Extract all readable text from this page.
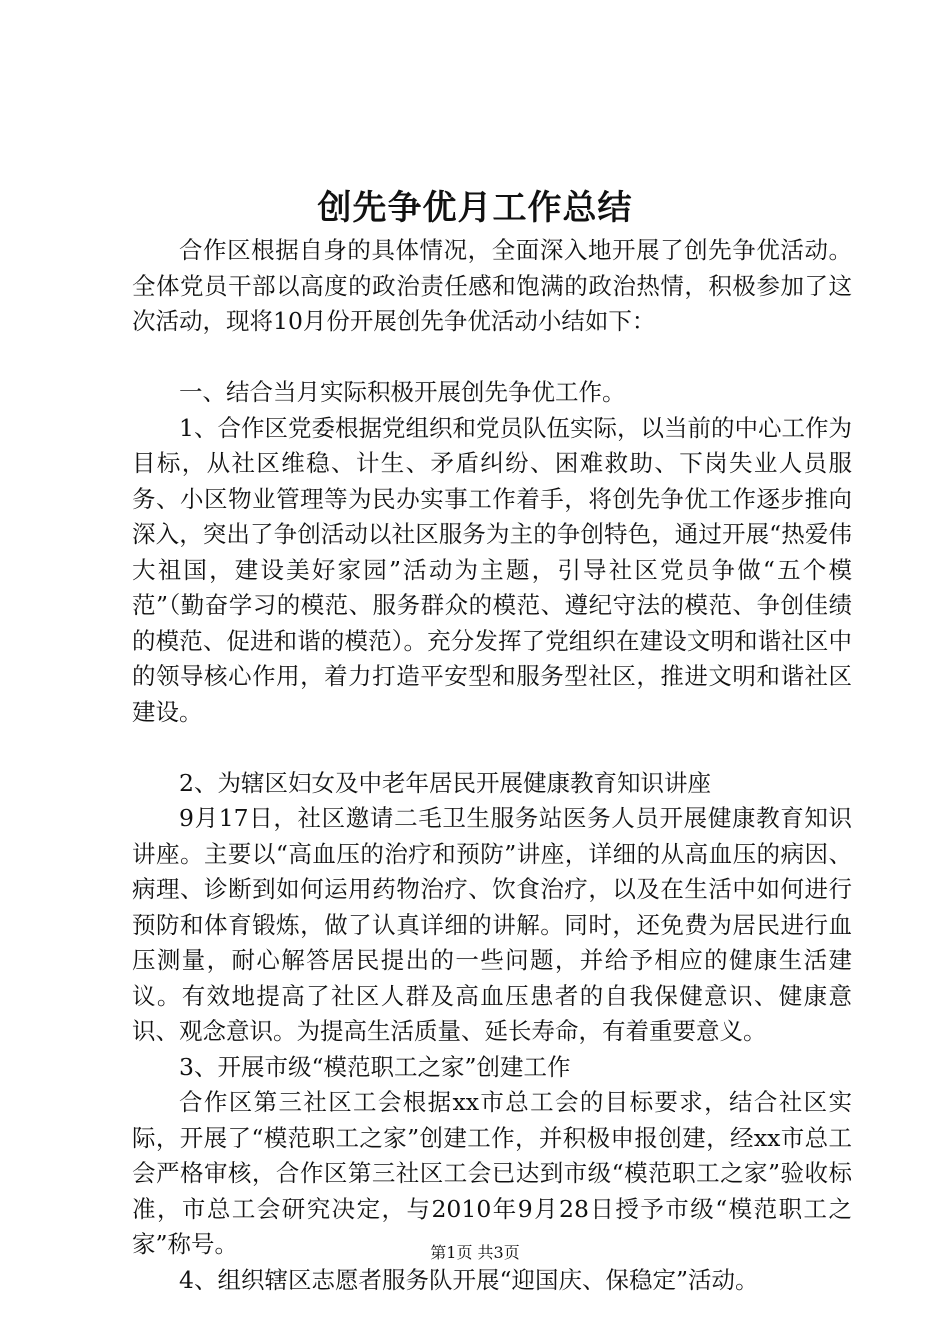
创先争优月工作总结

合作区根据自身的具体情况，全面深入地开展了创先争优活动。全体党员干部以高度的政治责任感和饱满的政治热情，积极参加了这次活动，现将10月份开展创先争优活动小结如下：

一、结合当月实际积极开展创先争优工作。

1、合作区党委根据党组织和党员队伍实际，以当前的中心工作为目标，从社区维稳、计生、矛盾纠纷、困难救助、下岗失业人员服务、小区物业管理等为民办实事工作着手，将创先争优工作逐步推向深入，突出了争创活动以社区服务为主的争创特色，通过开展“热爱伟大祖国，建设美好家园”活动为主题，引导社区党员争做“五个模范”（勤奋学习的模范、服务群众的模范、遵纪守法的模范、争创佳绩的模范、促进和谐的模范）。充分发挥了党组织在建设文明和谐社区中的领导核心作用，着力打造平安型和服务型社区，推进文明和谐社区建设。

2、为辖区妇女及中老年居民开展健康教育知识讲座

9月17日，社区邀请二毛卫生服务站医务人员开展健康教育知识讲座。主要以“高血压的治疗和预防”讲座，详细的从高血压的病因、病理、诊断到如何运用药物治疗、饮食治疗，以及在生活中如何进行预防和体育锻炼，做了认真详细的讲解。同时，还免费为居民进行血压测量，耐心解答居民提出的一些问题，并给予相应的健康生活建议。有效地提高了社区人群及高血压患者的自我保健意识、健康意识、观念意识。为提高生活质量、延长寿命，有着重要意义。

3、开展市级“模范职工之家”创建工作

合作区第三社区工会根据xx市总工会的目标要求，结合社区实际，开展了“模范职工之家”创建工作，并积极申报创建，经xx市总工会严格审核，合作区第三社区工会已达到市级“模范职工之家”验收标准，市总工会研究决定，与2010年9月28日授予市级“模范职工之家”称号。

4、组织辖区志愿者服务队开展“迎国庆、保稳定”活动。

第1页 共3页
